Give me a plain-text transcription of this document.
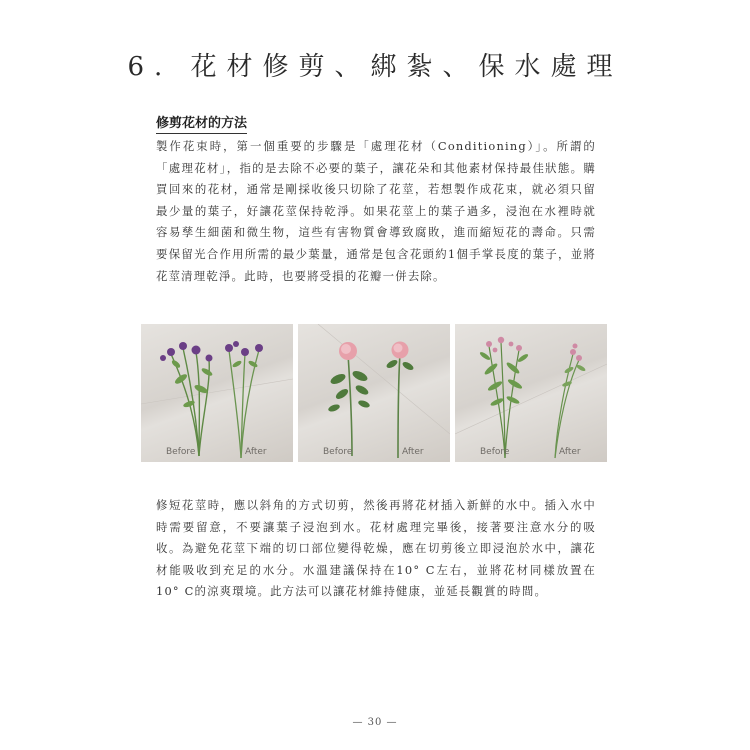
6. 花材修剪、綁紮、保水處理
修剪花材的方法

製作花束時，第一個重要的步驟是「處理花材（Conditioning）」。所謂的「處理花材」，指的是去除不必要的葉子，讓花朵和其他素材保持最佳狀態。購買回來的花材，通常是剛採收後只切除了花莖，若想製作成花束，就必須只留最少量的葉子，好讓花莖保持乾淨。如果花莖上的葉子過多，浸泡在水裡時就容易孳生細菌和微生物，這些有害物質會導致腐敗，進而縮短花的壽命。只需要保留光合作用所需的最少葉量，通常是包含花頭約1個手掌長度的葉子，並將花莖清理乾淨。此時，也要將受損的花瓣一併去除。

Before	After	Before	After	Before	After

修短花莖時，應以斜角的方式切剪，然後再將花材插入新鮮的水中。插入水中時需要留意，不要讓葉子浸泡到水。花材處理完畢後，接著要注意水分的吸收。為避免花莖下端的切口部位變得乾燥，應在切剪後立即浸泡於水中，讓花材能吸收到充足的水分。水溫建議保持在10° C左右，並將花材同樣放置在10° C的涼爽環境。此方法可以讓花材維持健康，並延長觀賞的時間。

— 30 —
